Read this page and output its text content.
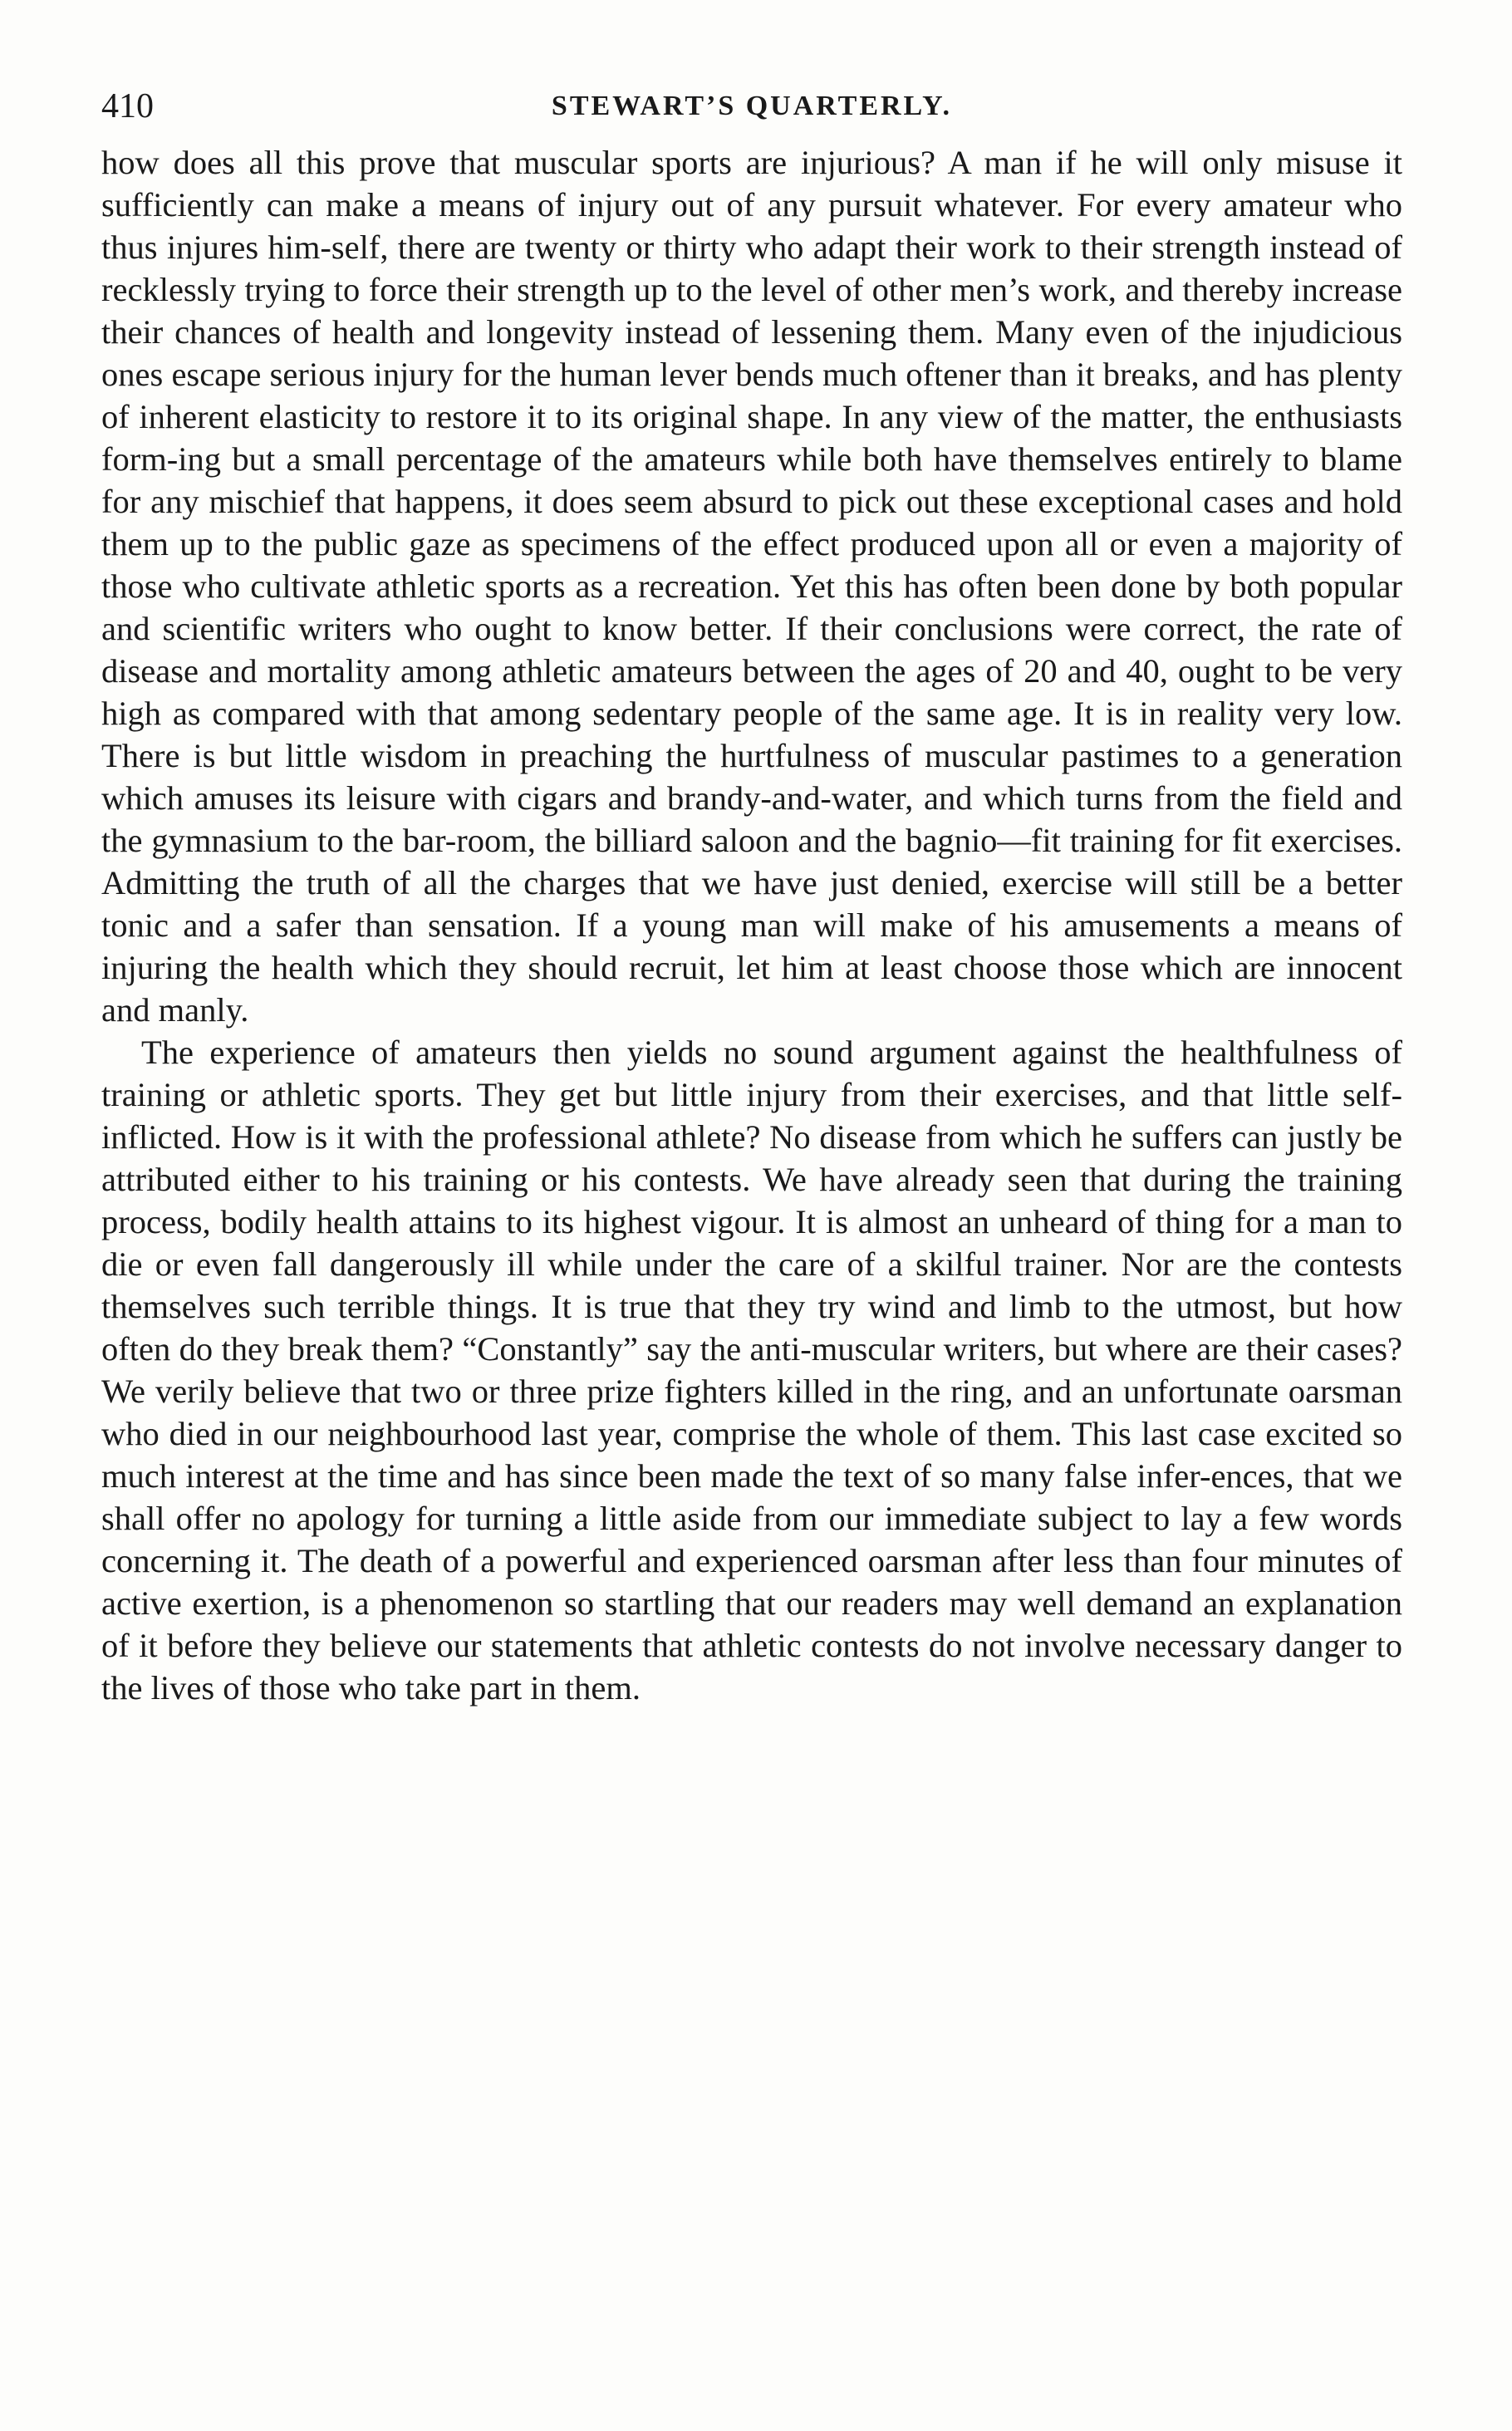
410	STEWART’S QUARTERLY.

how does all this prove that muscular sports are injurious? A man if he will only misuse it sufficiently can make a means of injury out of any pursuit whatever. For every amateur who thus injures him-self, there are twenty or thirty who adapt their work to their strength instead of recklessly trying to force their strength up to the level of other men’s work, and thereby increase their chances of health and longevity instead of lessening them. Many even of the injudicious ones escape serious injury for the human lever bends much oftener than it breaks, and has plenty of inherent elasticity to restore it to its original shape. In any view of the matter, the enthusiasts form-ing but a small percentage of the amateurs while both have themselves entirely to blame for any mischief that happens, it does seem absurd to pick out these exceptional cases and hold them up to the public gaze as specimens of the effect produced upon all or even a majority of those who cultivate athletic sports as a recreation. Yet this has often been done by both popular and scientific writers who ought to know better. If their conclusions were correct, the rate of disease and mortality among athletic amateurs between the ages of 20 and 40, ought to be very high as compared with that among sedentary people of the same age. It is in reality very low. There is but little wisdom in preaching the hurtfulness of muscular pastimes to a generation which amuses its leisure with cigars and brandy-and-water, and which turns from the field and the gymnasium to the bar-room, the billiard saloon and the bagnio—fit training for fit exercises. Admitting the truth of all the charges that we have just denied, exercise will still be a better tonic and a safer than sensation. If a young man will make of his amusements a means of injuring the health which they should recruit, let him at least choose those which are innocent and manly.

The experience of amateurs then yields no sound argument against the healthfulness of training or athletic sports. They get but little injury from their exercises, and that little self-inflicted. How is it with the professional athlete? No disease from which he suffers can justly be attributed either to his training or his contests. We have already seen that during the training process, bodily health attains to its highest vigour. It is almost an unheard of thing for a man to die or even fall dangerously ill while under the care of a skilful trainer. Nor are the contests themselves such terrible things. It is true that they try wind and limb to the utmost, but how often do they break them? “Constantly” say the anti-muscular writers, but where are their cases? We verily believe that two or three prize fighters killed in the ring, and an unfortunate oarsman who died in our neighbourhood last year, comprise the whole of them. This last case excited so much interest at the time and has since been made the text of so many false infer-ences, that we shall offer no apology for turning a little aside from our immediate subject to lay a few words concerning it. The death of a powerful and experienced oarsman after less than four minutes of active exertion, is a phenomenon so startling that our readers may well demand an explanation of it before they believe our statements that athletic contests do not involve necessary danger to the lives of those who take part in them.
